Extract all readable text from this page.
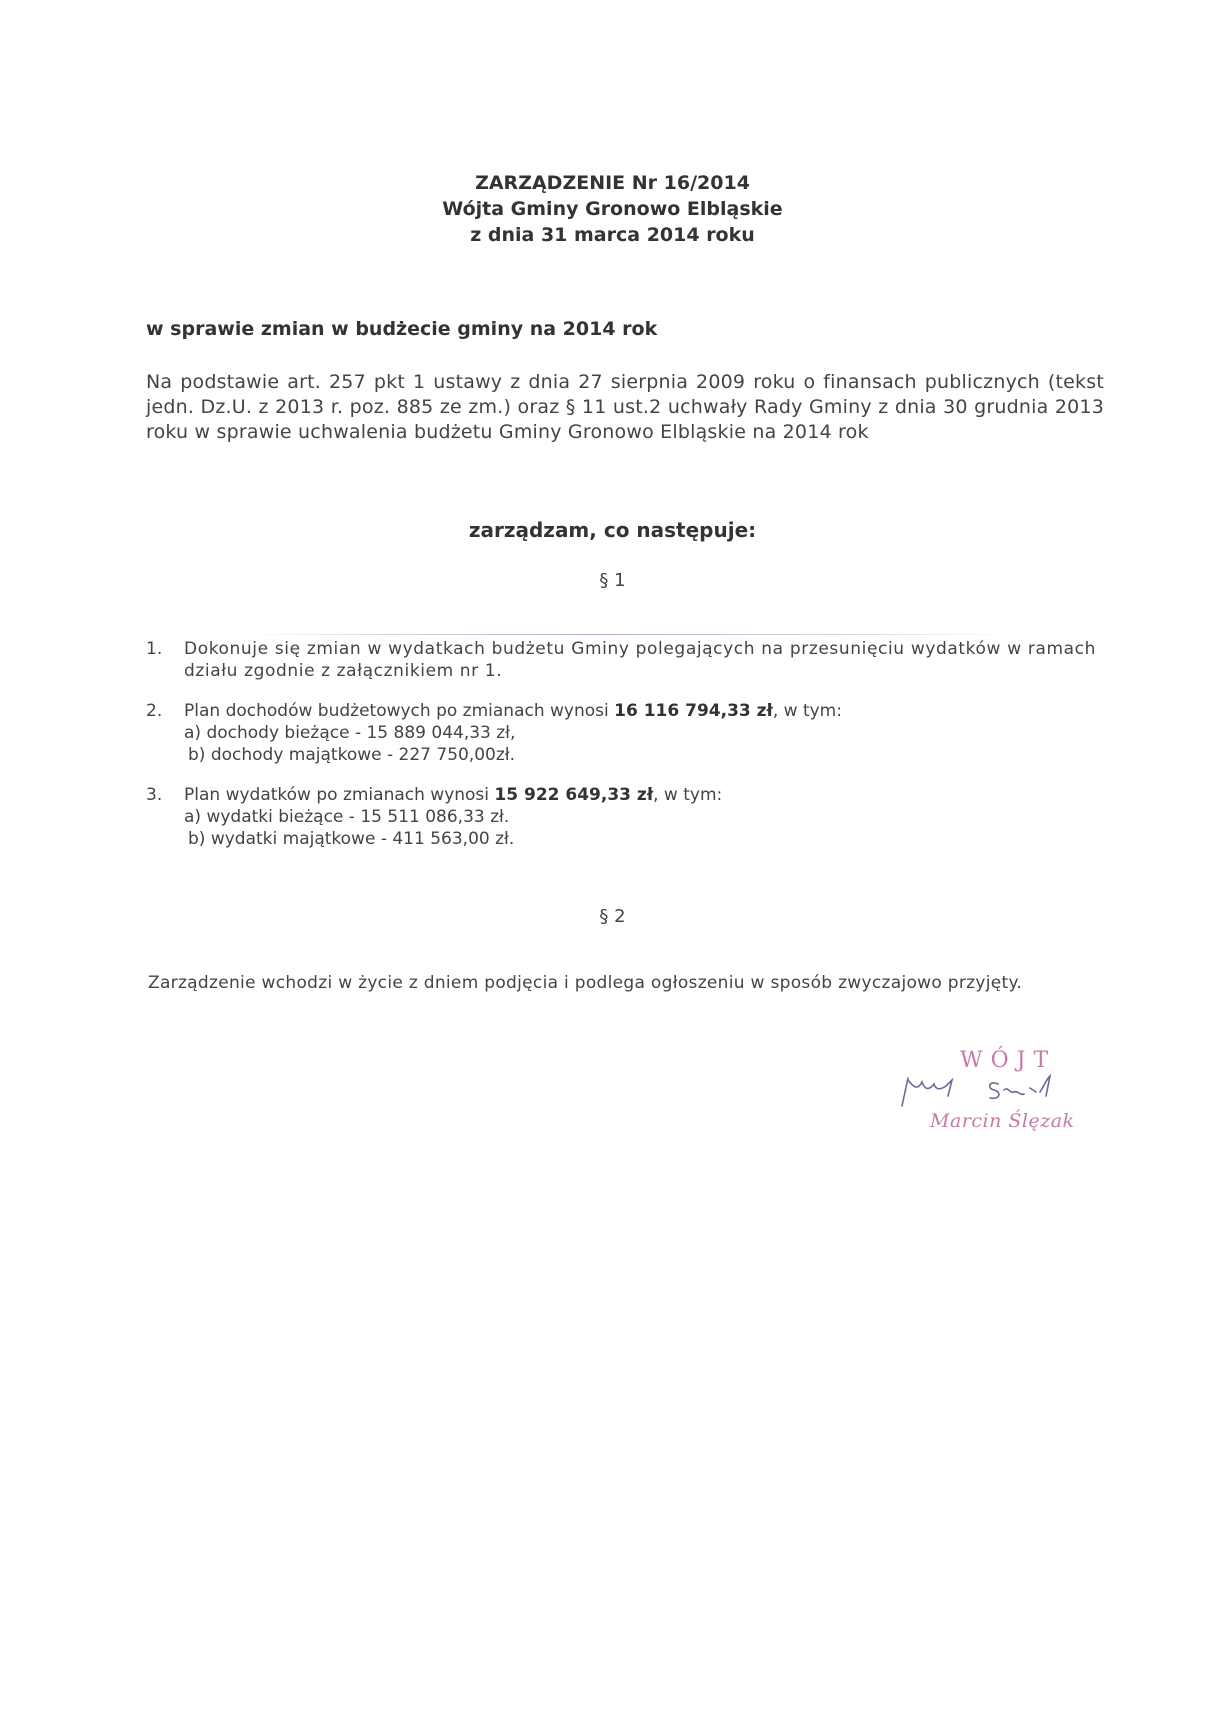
ZARZĄDZENIE Nr 16/2014
Wójta Gminy Gronowo Elbląskie
z dnia 31 marca 2014 roku
w sprawie zmian w budżecie gminy na 2014 rok
Na podstawie art. 257 pkt 1 ustawy z dnia 27 sierpnia 2009 roku o finansach publicznych (tekst jedn. Dz.U. z 2013 r. poz. 885 ze zm.) oraz § 11 ust.2 uchwały Rady Gminy z dnia 30 grudnia 2013 roku w sprawie uchwalenia budżetu Gminy Gronowo Elbląskie na 2014 rok
zarządzam, co następuje:
§ 1
1. Dokonuje się zmian w wydatkach budżetu Gminy polegających na przesunięciu wydatków w ramach działu zgodnie z załącznikiem nr 1.
2. Plan dochodów budżetowych po zmianach wynosi 16 116 794,33 zł, w tym:
a) dochody bieżące - 15 889 044,33 zł,
b) dochody majątkowe - 227 750,00zł.
3. Plan wydatków po zmianach wynosi 15 922 649,33 zł, w tym:
a) wydatki bieżące - 15 511 086,33 zł.
b) wydatki majątkowe - 411 563,00 zł.
§ 2
Zarządzenie wchodzi w życie z dniem podjęcia i podlega ogłoszeniu w sposób zwyczajowo przyjęty.
WÓJT
Marcin Ślęzak
